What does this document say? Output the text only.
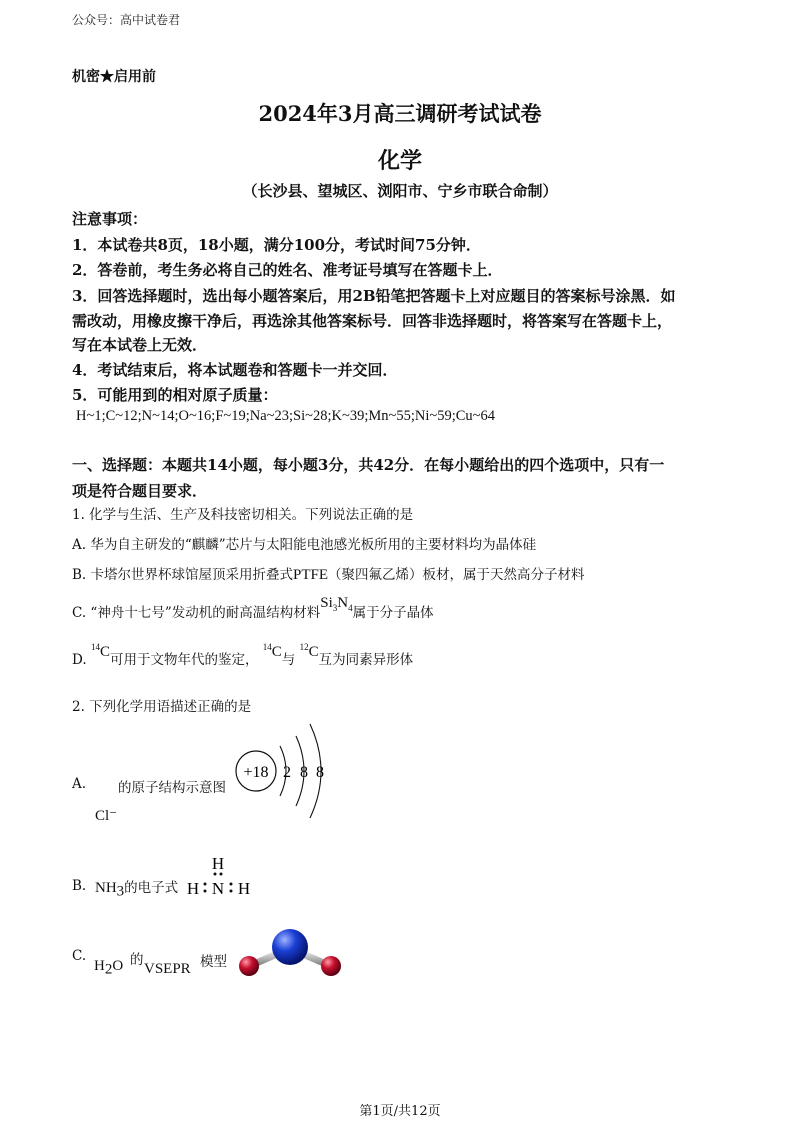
公众号：高中试卷君
机密★启用前
2024年3月高三调研考试试卷
化学
（长沙县、望城区、浏阳市、宁乡市联合命制）
注意事项：
1．本试卷共8页，18小题，满分100分，考试时间75分钟．
2．答卷前，考生务必将自己的姓名、准考证号填写在答题卡上．
3．回答选择题时，选出每小题答案后，用2B铅笔把答题卡上对应题目的答案标号涂黑．如
需改动，用橡皮擦干净后，再选涂其他答案标号．回答非选择题时，将答案写在答题卡上，
写在本试卷上无效．
4．考试结束后，将本试题卷和答题卡一并交回．
5．可能用到的相对原子质量：
H~1;C~12;N~14;O~16;F~19;Na~23;Si~28;K~39;Mn~55;Ni~59;Cu~64
一、选择题：本题共14小题，每小题3分，共42分．在每小题给出的四个选项中，只有一
项是符合题目要求．
1. 化学与生活、生产及科技密切相关。下列说法正确的是
A. 华为自主研发的“麒麟”芯片与太阳能电池感光板所用的主要材料均为晶体硅
B. 卡塔尔世界杯球馆屋顶采用折叠式PTFE（聚四氟乙烯）板材，属于天然高分子材料
C. “神舟十七号”发动机的耐高温结构材料$Si_3N_4$属于分子晶体
D. $^{14}$C可用于文物年代的鉴定， $^{14}$C与 $^{12}$C互为同素异形体
2. 下列化学用语描述正确的是
A. 的原子结构示意图
Cl⁻
+18 2 8 8
B. $NH_3$的电子式
H
H N H
C.
$H_2O$ 的
VSEPR 模型
第1页/共12页
